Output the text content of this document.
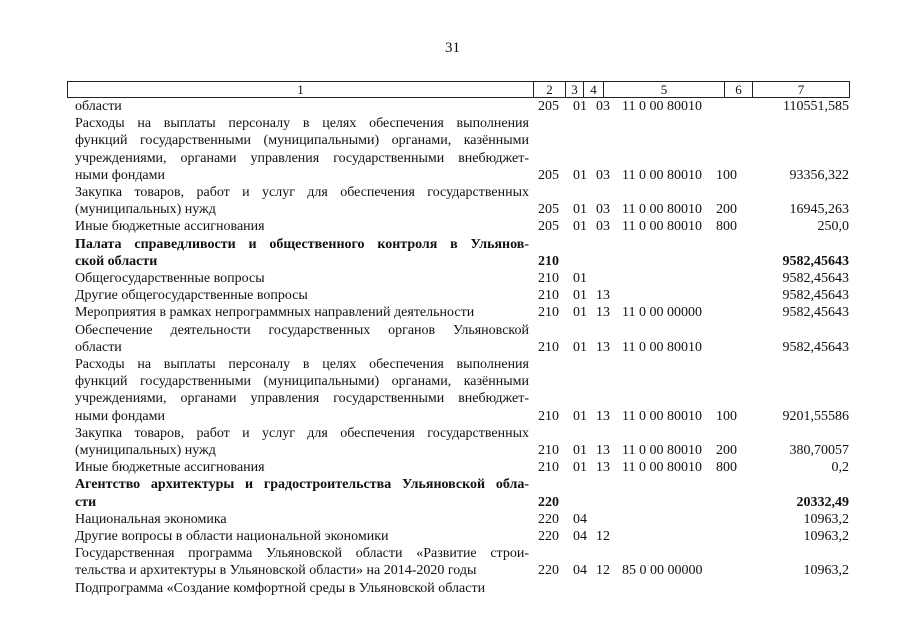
31
1	2	3 4	5	6	7
области	205 01 03 11 0 00 80010	110551,585
Расходы на выплаты персоналу в целях обеспечения выполнения
функций государственными (муниципальными) органами, казёнными
учреждениями, органами управления государственными внебюджет-
ными фондами	205 01 03 11 0 00 80010 100	93356,322
Закупка товаров, работ и услуг для обеспечения государственных
(муниципальных) нужд	205 01 03 11 0 00 80010 200	16945,263
Иные бюджетные ассигнования	205 01 03 11 0 00 80010 800	250,0
Палата справедливости и общественного контроля в Ульянов-
ской области	210	9582,45643
Общегосударственные вопросы	210 01	9582,45643
Другие общегосударственные вопросы	210 01 13	9582,45643
Мероприятия в рамках непрограммных направлений деятельности	210 01 13 11 0 00 00000	9582,45643
Обеспечение деятельности государственных органов Ульяновской
области	210 01 13 11 0 00 80010	9582,45643
Расходы на выплаты персоналу в целях обеспечения выполнения
функций государственными (муниципальными) органами, казёнными
учреждениями, органами управления государственными внебюджет-
ными фондами	210 01 13 11 0 00 80010 100	9201,55586
Закупка товаров, работ и услуг для обеспечения государственных
(муниципальных) нужд	210 01 13 11 0 00 80010 200	380,70057
Иные бюджетные ассигнования	210 01 13 11 0 00 80010 800	0,2
Агентство архитектуры и градостроительства Ульяновской обла-
сти	220	20332,49
Национальная экономика	220 04	10963,2
Другие вопросы в области национальной экономики	220 04 12	10963,2
Государственная программа Ульяновской области «Развитие строи-
тельства и архитектуры в Ульяновской области» на 2014-2020 годы	220 04 12 85 0 00 00000	10963,2
Подпрограмма «Создание комфортной среды в Ульяновской области
